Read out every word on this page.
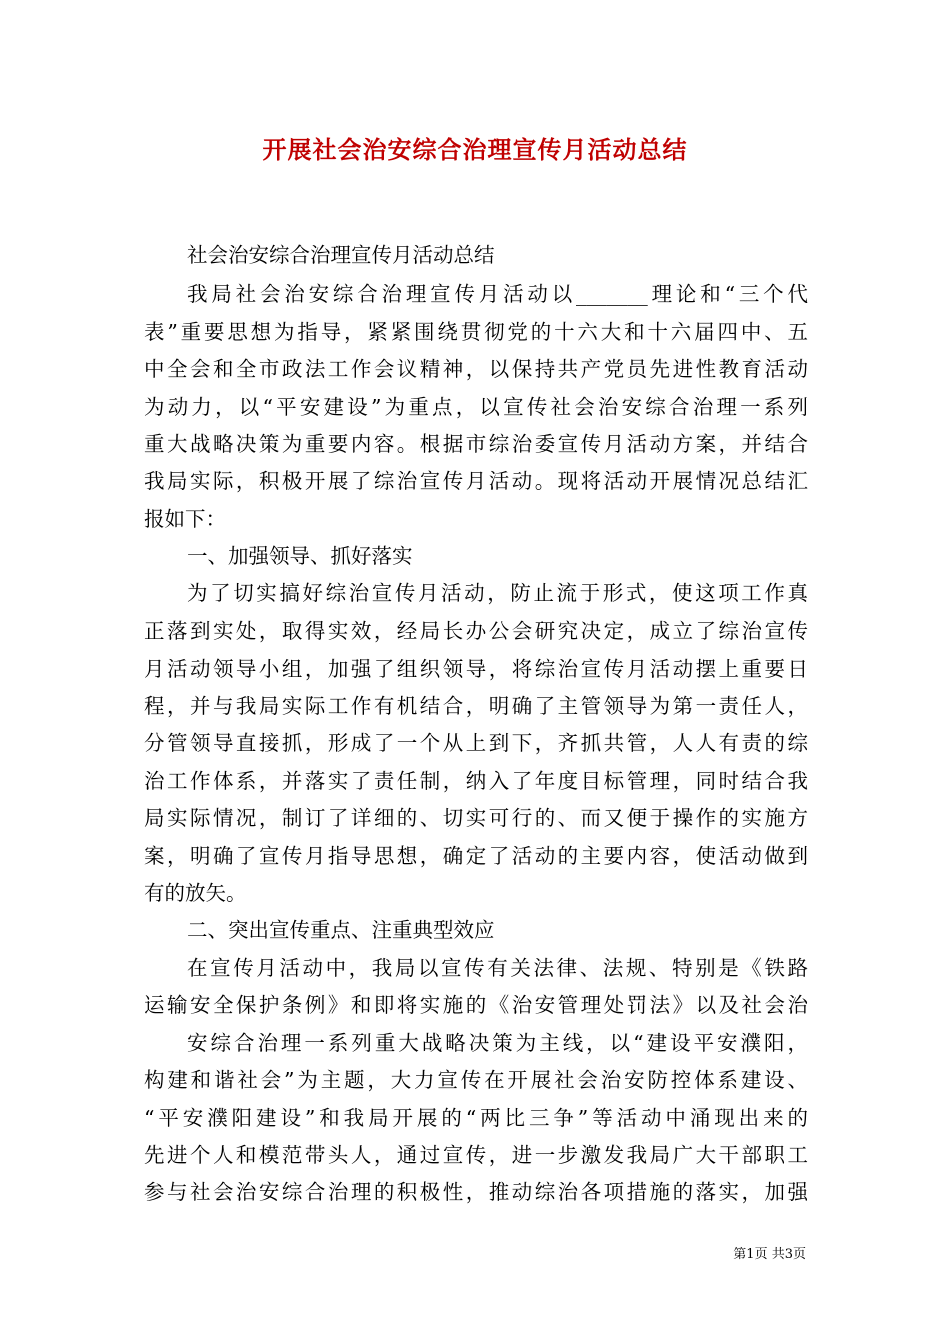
开展社会治安综合治理宣传月活动总结

社会治安综合治理宣传月活动总结

我局社会治安综合治理宣传月活动以_______理论和“三个代

表”重要思想为指导，紧紧围绕贯彻党的十六大和十六届四中、五

中全会和全市政法工作会议精神，以保持共产党员先进性教育活动

为动力，以“平安建设”为重点，以宣传社会治安综合治理一系列

重大战略决策为重要内容。根据市综治委宣传月活动方案，并结合

我局实际，积极开展了综治宣传月活动。现将活动开展情况总结汇

报如下：

一、加强领导、抓好落实

为了切实搞好综治宣传月活动，防止流于形式，使这项工作真

正落到实处，取得实效，经局长办公会研究决定，成立了综治宣传

月活动领导小组，加强了组织领导，将综治宣传月活动摆上重要日

程，并与我局实际工作有机结合，明确了主管领导为第一责任人，

分管领导直接抓，形成了一个从上到下，齐抓共管，人人有责的综

治工作体系，并落实了责任制，纳入了年度目标管理，同时结合我

局实际情况，制订了详细的、切实可行的、而又便于操作的实施方

案，明确了宣传月指导思想，确定了活动的主要内容，使活动做到

有的放矢。

二、突出宣传重点、注重典型效应

在宣传月活动中，我局以宣传有关法律、法规、特别是《铁路

运输安全保护条例》和即将实施的《治安管理处罚法》以及社会治

安综合治理一系列重大战略决策为主线，以“建设平安濮阳，

构建和谐社会”为主题，大力宣传在开展社会治安防控体系建设、

“平安濮阳建设”和我局开展的“两比三争”等活动中涌现出来的

先进个人和模范带头人，通过宣传，进一步激发我局广大干部职工

参与社会治安综合治理的积极性，推动综治各项措施的落实，加强

第1页 共3页
